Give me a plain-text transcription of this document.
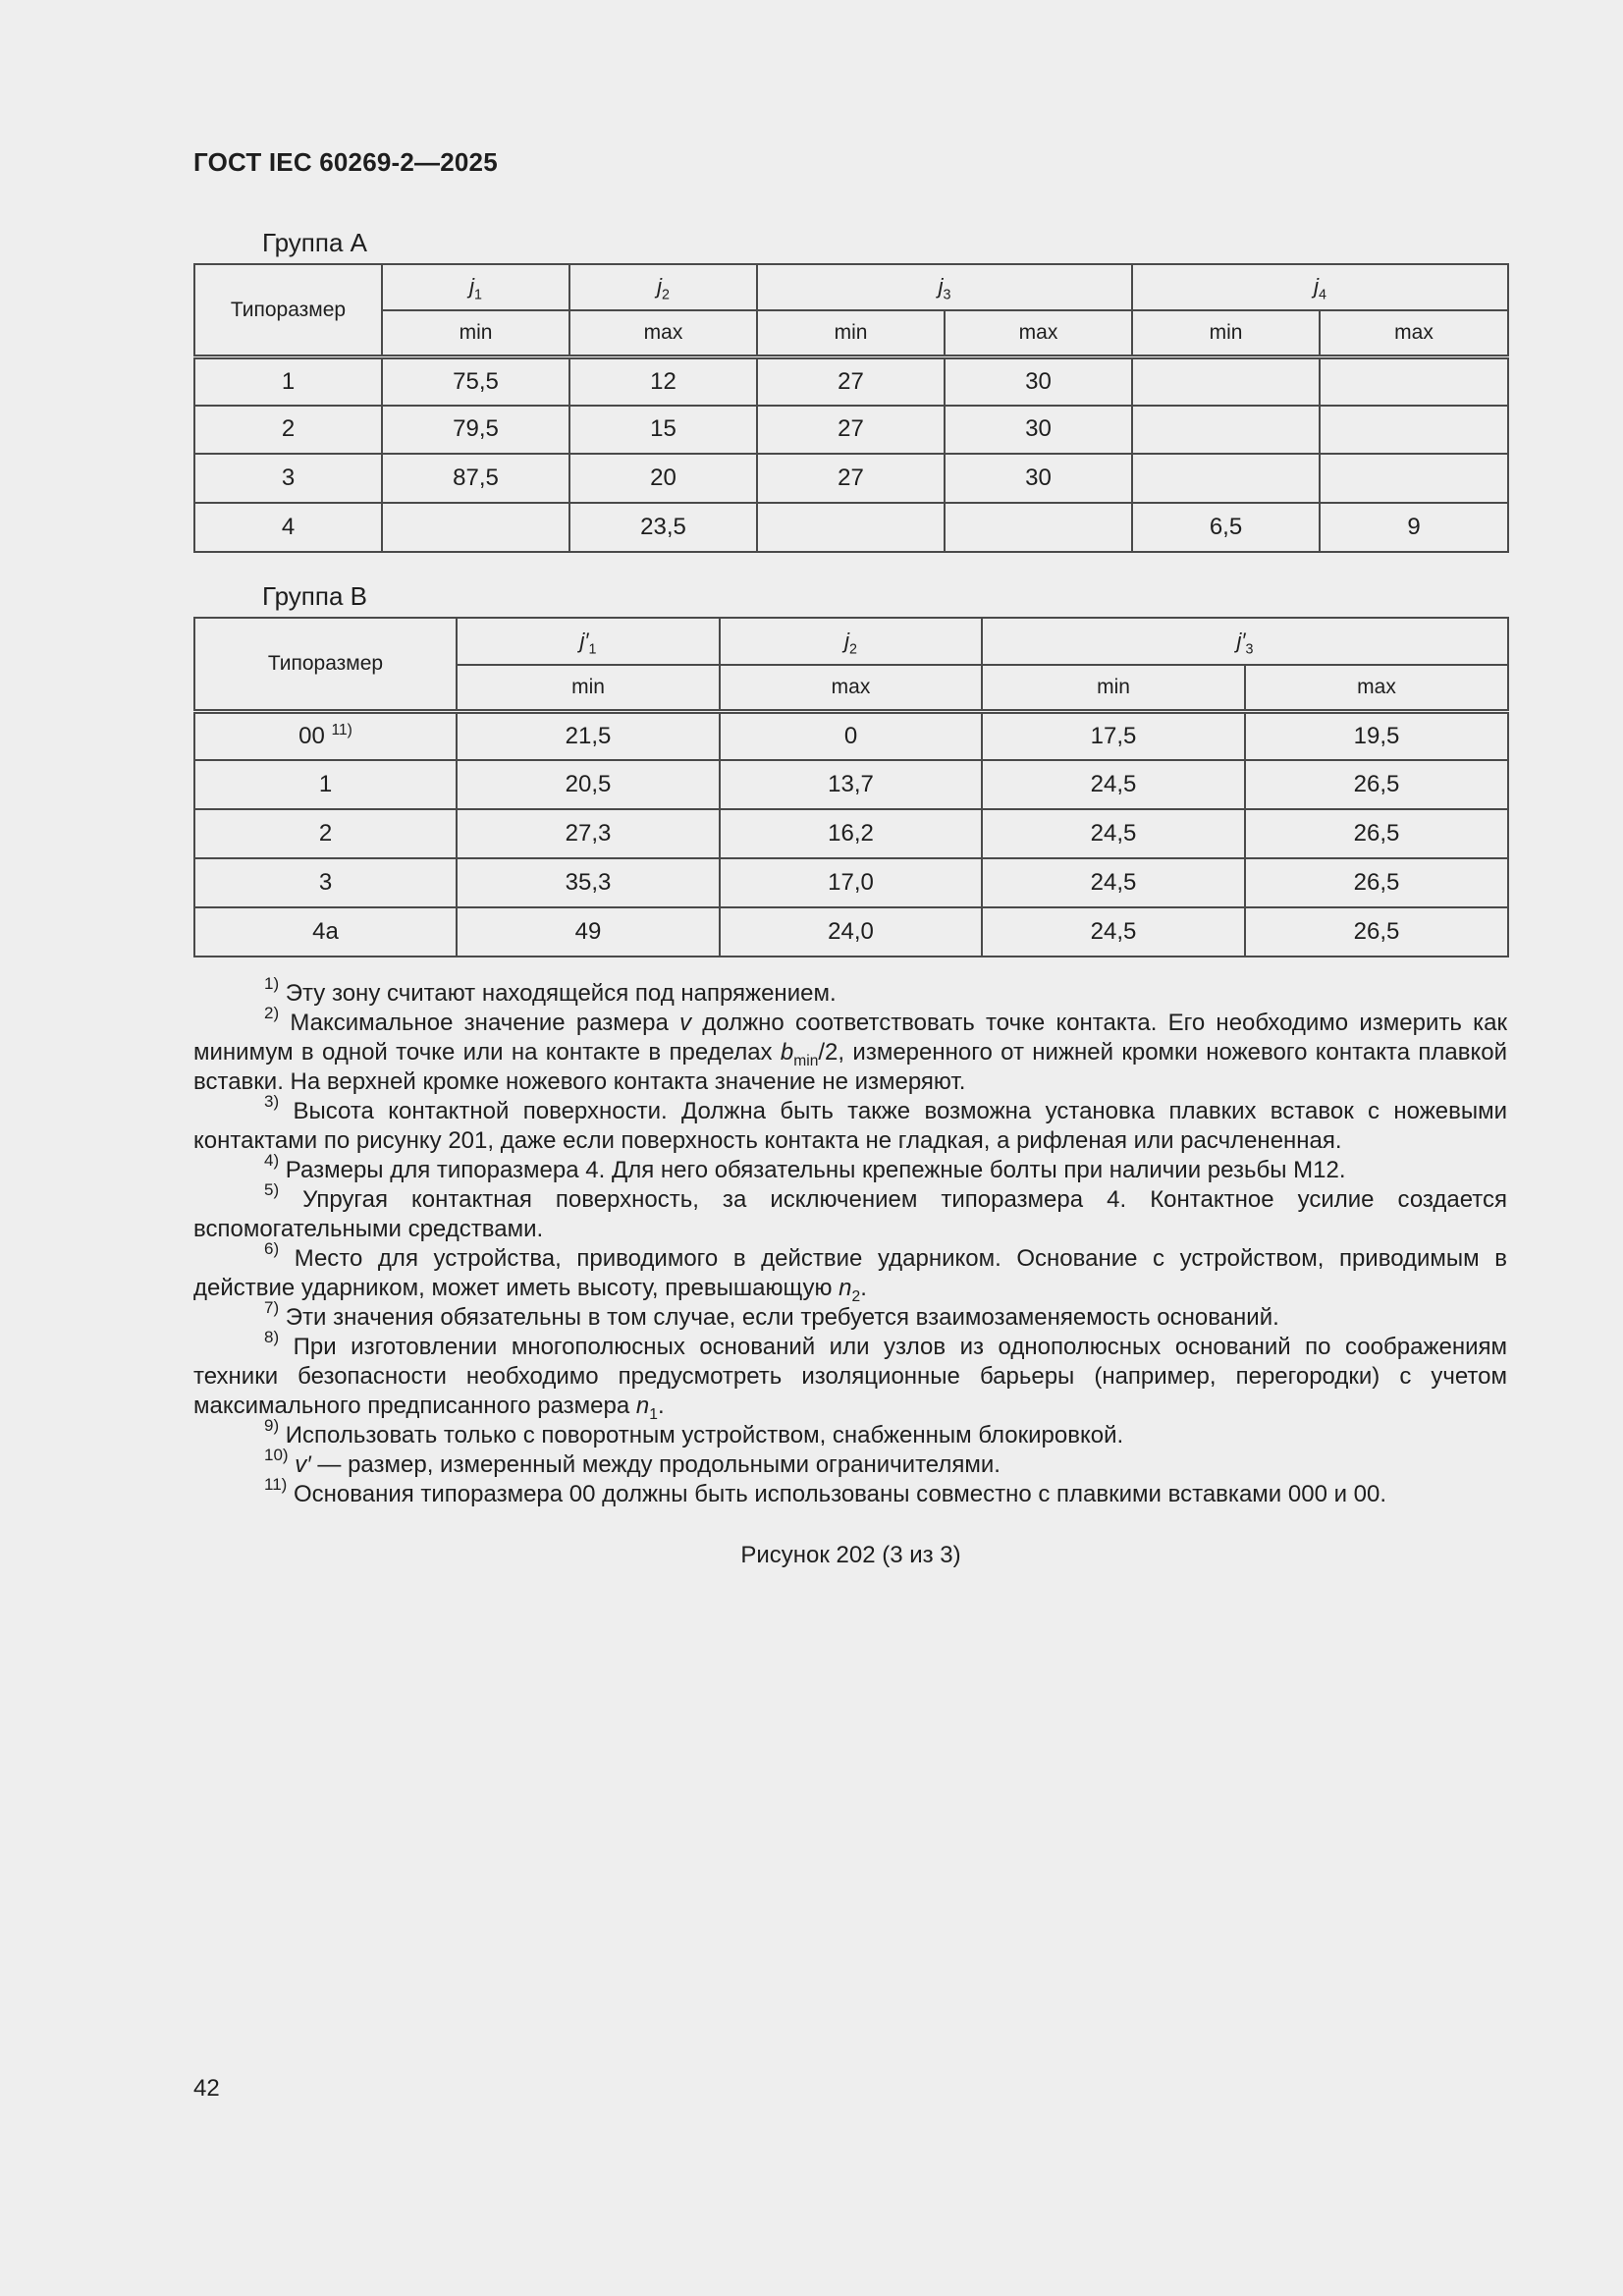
ГОСТ IEC 60269-2—2025
Группа A
Типоразмер	$j_1$	$j_2$	$j_3$		$j_4$
	min	max	min	max	min	max
1	75,5	12	27	30		
2	79,5	15	27	30		
3	87,5	20	27	30		
4		23,5			6,5	9
Группа B
Типоразмер	$j'_1$	$j_2$	$j'_3$
	min	max	min	max
00 $^{11)}$	21,5	0	17,5	19,5
1	20,5	13,7	24,5	26,5
2	27,3	16,2	24,5	26,5
3	35,3	17,0	24,5	26,5
4a	49	24,0	24,5	26,5

$^{1)}$ Эту зону считают находящейся под напряжением.

$^{2)}$ Максимальное значение размера v должно соответствовать точке контакта. Его необходимо измерить как минимум в одной точке или на контакте в пределах $b_{min}/2$, измеренного от нижней кромки ножевого контакта плавкой вставки. На верхней кромке ножевого контакта значение не измеряют.

$^{3)}$ Высота контактной поверхности. Должна быть также возможна установка плавких вставок с ножевыми контактами по рисунку 201, даже если поверхность контакта не гладкая, а рифленая или расчлененная.

$^{4)}$ Размеры для типоразмера 4. Для него обязательны крепежные болты при наличии резьбы М12.

$^{5)}$ Упругая контактная поверхность, за исключением типоразмера 4. Контактное усилие создается вспомогательными средствами.

$^{6)}$ Место для устройства, приводимого в действие ударником. Основание с устройством, приводимым в действие ударником, может иметь высоту, превышающую $n_2$.

$^{7)}$ Эти значения обязательны в том случае, если требуется взаимозаменяемость оснований.

$^{8)}$ При изготовлении многополюсных оснований или узлов из однополюсных оснований по соображениям техники безопасности необходимо предусмотреть изоляционные барьеры (например, перегородки) с учетом максимального предписанного размера $n_1$.

$^{9)}$ Использовать только с поворотным устройством, снабженным блокировкой.

$^{10)}$ v′ — размер, измеренный между продольными ограничителями.

$^{11)}$ Основания типоразмера 00 должны быть использованы совместно с плавкими вставками 000 и 00.

Рисунок 202 (3 из 3)
42
